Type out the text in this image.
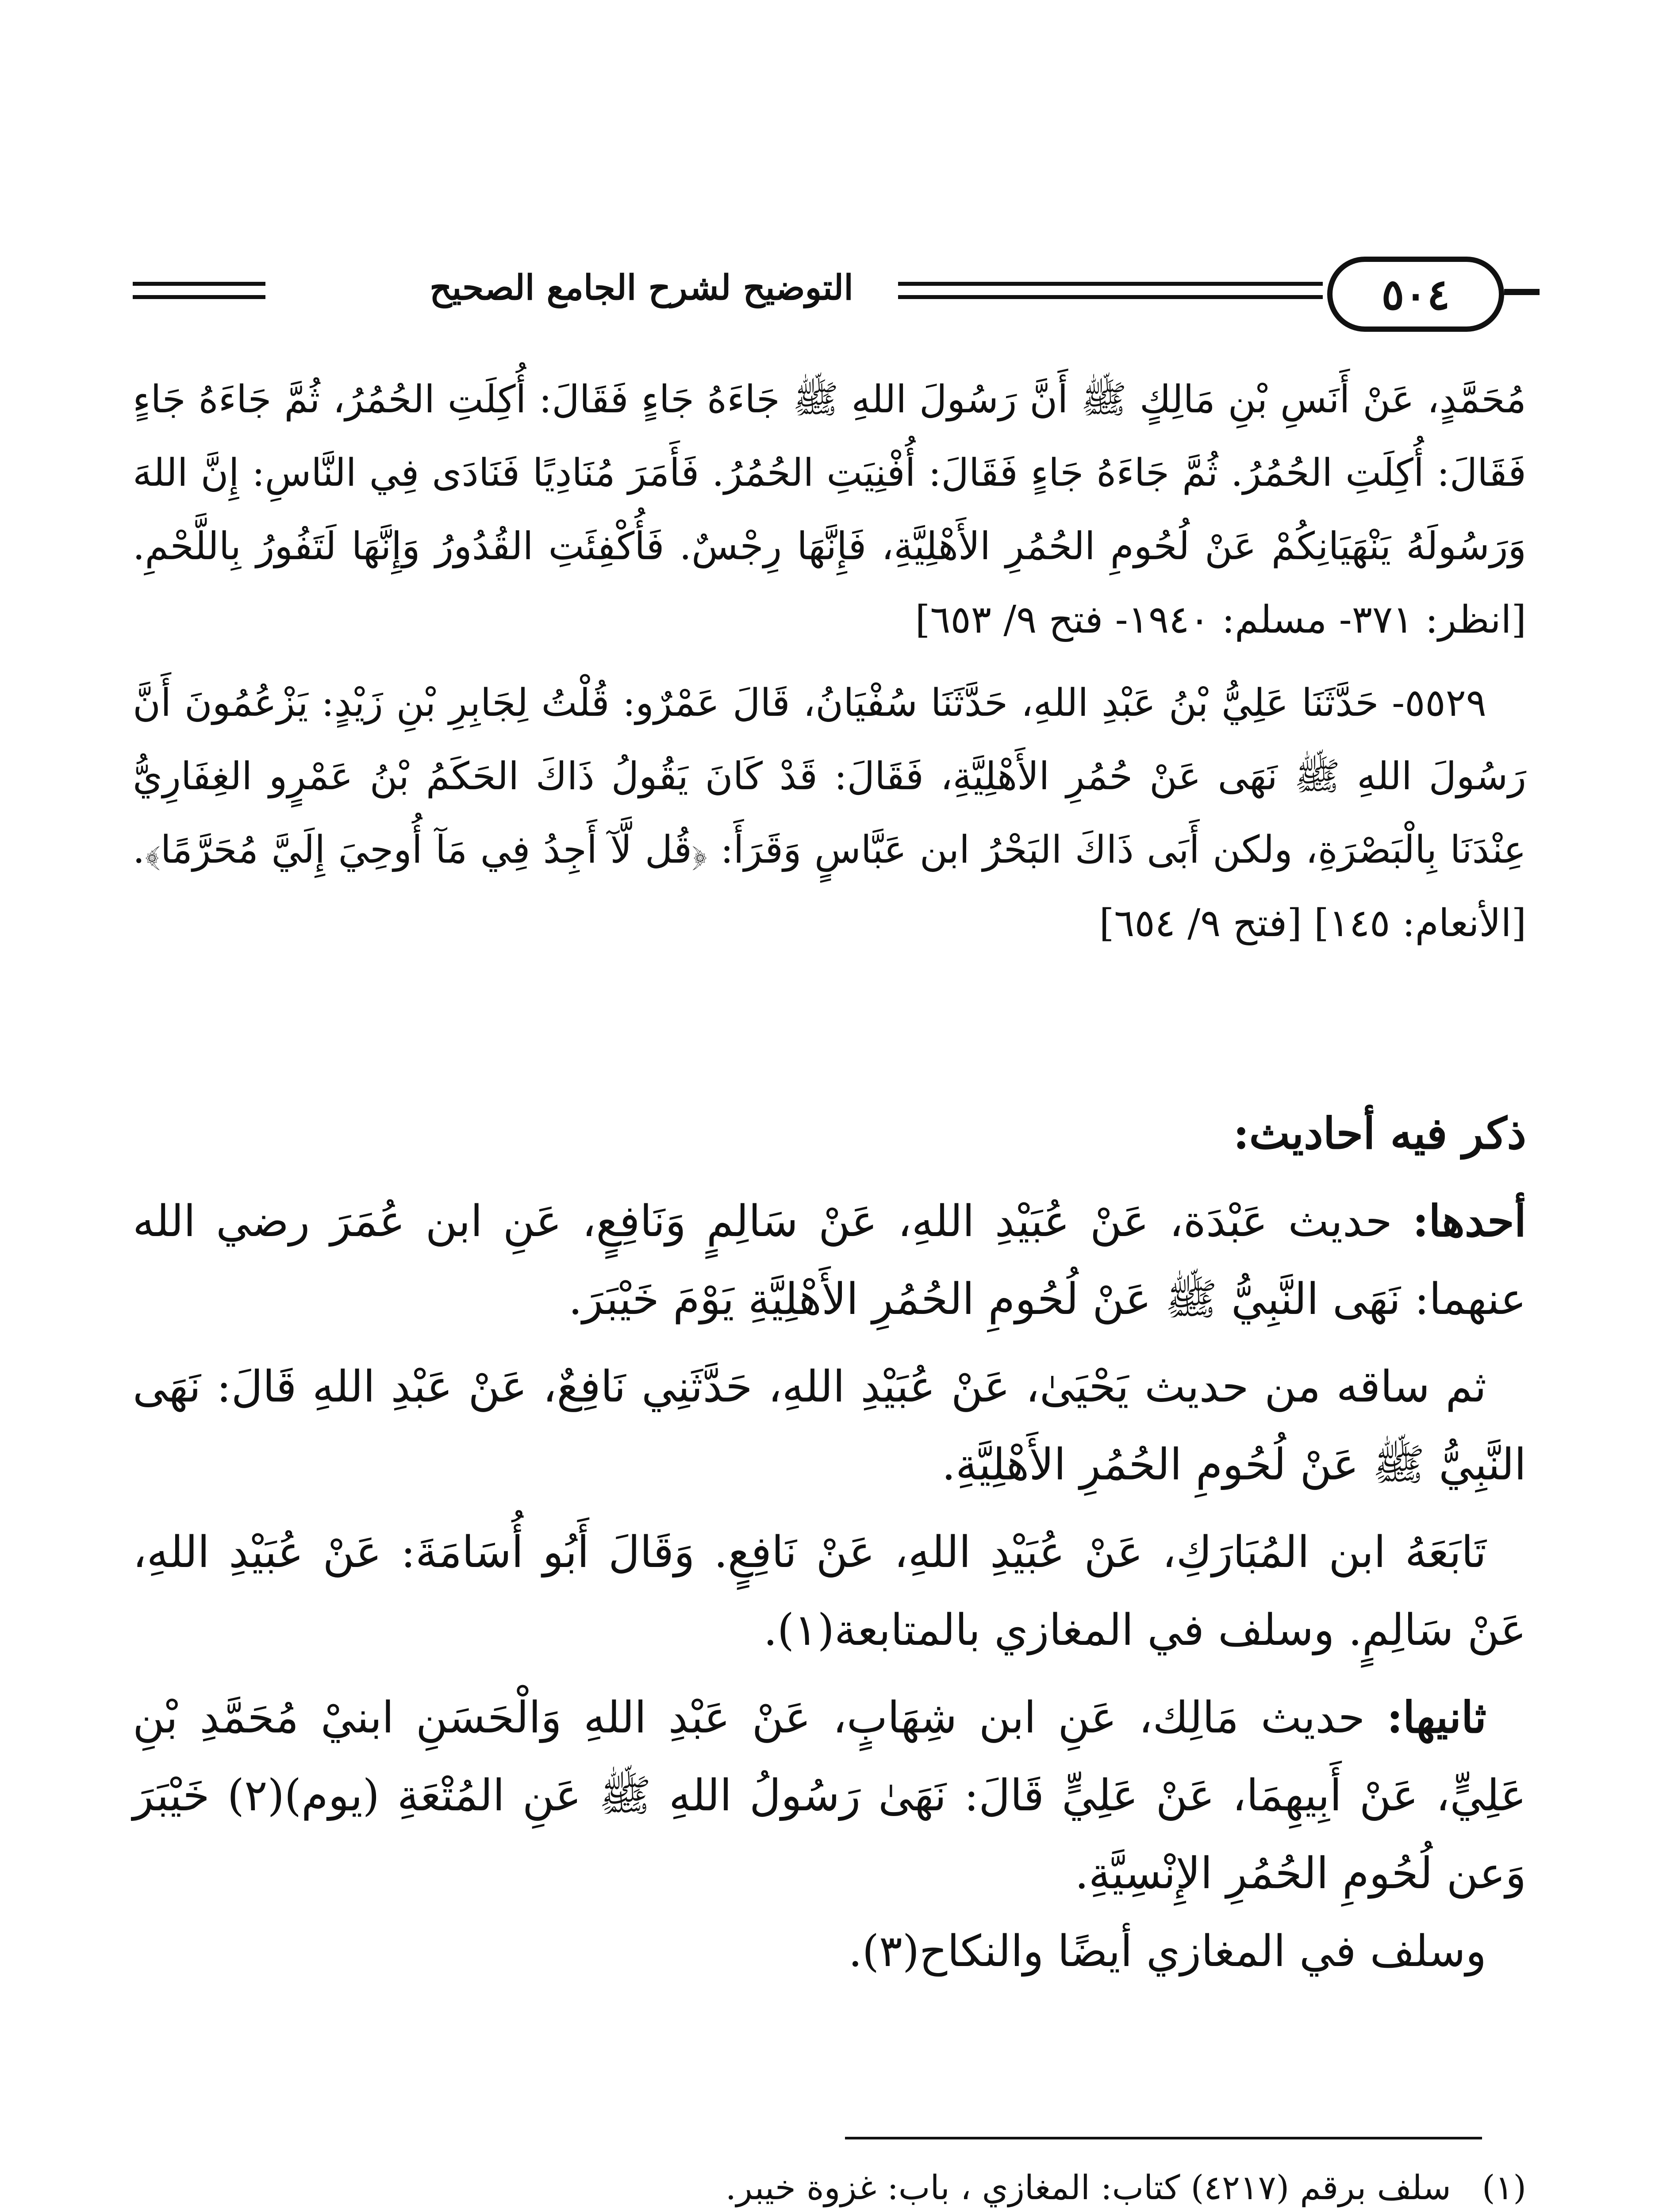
التوضيح لشرح الجامع الصحيح	٥٠٤

مُحَمَّدٍ، عَنْ أَنَسِ بْنِ مَالِكٍ ﷺ أَنَّ رَسُولَ اللهِ ﷺ جَاءَهُ جَاءٍ فَقَالَ: أُكِلَتِ الحُمُرُ، ثُمَّ جَاءَهُ جَاءٍ فَقَالَ: أُكِلَتِ الحُمُرُ. ثُمَّ جَاءَهُ جَاءٍ فَقَالَ: أُفْنِيَتِ الحُمُرُ. فَأَمَرَ مُنَادِيًا فَنَادَى فِي النَّاسِ: إِنَّ اللهَ وَرَسُولَهُ يَنْهَيَانِكُمْ عَنْ لُحُومِ الحُمُرِ الأَهْلِيَّةِ، فَإِنَّهَا رِجْسٌ. فَأُكْفِئَتِ القُدُورُ وَإِنَّهَا لَتَفُورُ بِاللَّحْمِ. [انظر: ٣٧١- مسلم: ١٩٤٠- فتح ٩/ ٦٥٣]

٥٥٢٩- حَدَّثَنَا عَلِيُّ بْنُ عَبْدِ اللهِ، حَدَّثَنَا سُفْيَانُ، قَالَ عَمْرٌو: قُلْتُ لِجَابِرِ بْنِ زَيْدٍ: يَزْعُمُونَ أَنَّ رَسُولَ اللهِ ﷺ نَهَى عَنْ حُمُرِ الأَهْلِيَّةِ، فَقَالَ: قَدْ كَانَ يَقُولُ ذَاكَ الحَكَمُ بْنُ عَمْرٍو الغِفَارِيُّ عِنْدَنَا بِالْبَصْرَةِ، ولكن أَبَى ذَاكَ البَحْرُ ابن عَبَّاسٍ وَقَرَأَ: ﴿قُل لَّآ أَجِدُ فِي مَآ أُوحِيَ إِلَيَّ مُحَرَّمًا﴾. [الأنعام: ١٤٥] [فتح ٩/ ٦٥٤]

ذكر فيه أحاديث:

أحدها: حديث عَبْدَة، عَنْ عُبَيْدِ اللهِ، عَنْ سَالِمٍ وَنَافِعٍ، عَنِ ابن عُمَرَ رضي الله عنهما: نَهَى النَّبِيُّ ﷺ عَنْ لُحُومِ الحُمُرِ الأَهْلِيَّةِ يَوْمَ خَيْبَرَ.

ثم ساقه من حديث يَحْيَىٰ، عَنْ عُبَيْدِ اللهِ، حَدَّثَنِي نَافِعٌ، عَنْ عَبْدِ اللهِ قَالَ: نَهَى النَّبِيُّ ﷺ عَنْ لُحُومِ الحُمُرِ الأَهْلِيَّةِ.

تَابَعَهُ ابن المُبَارَكِ، عَنْ عُبَيْدِ اللهِ، عَنْ نَافِعٍ. وَقَالَ أَبُو أُسَامَةَ: عَنْ عُبَيْدِ اللهِ، عَنْ سَالِمٍ. وسلف في المغازي بالمتابعة(١).

ثانيها: حديث مَالِك، عَنِ ابن شِهَابٍ، عَنْ عَبْدِ اللهِ وَالْحَسَنِ ابنيْ مُحَمَّدِ بْنِ عَلِيٍّ، عَنْ أَبِيهِمَا، عَنْ عَلِيٍّ قَالَ: نَهَىٰ رَسُولُ اللهِ ﷺ عَنِ المُتْعَةِ (يوم)(٢) خَيْبَرَ وَعن لُحُومِ الحُمُرِ الإِنْسِيَّةِ.

وسلف في المغازي أيضًا والنكاح(٣).

(١)
سلف برقم (٤٢١٧) كتاب: المغازي ، باب: غزوة خيبر.
